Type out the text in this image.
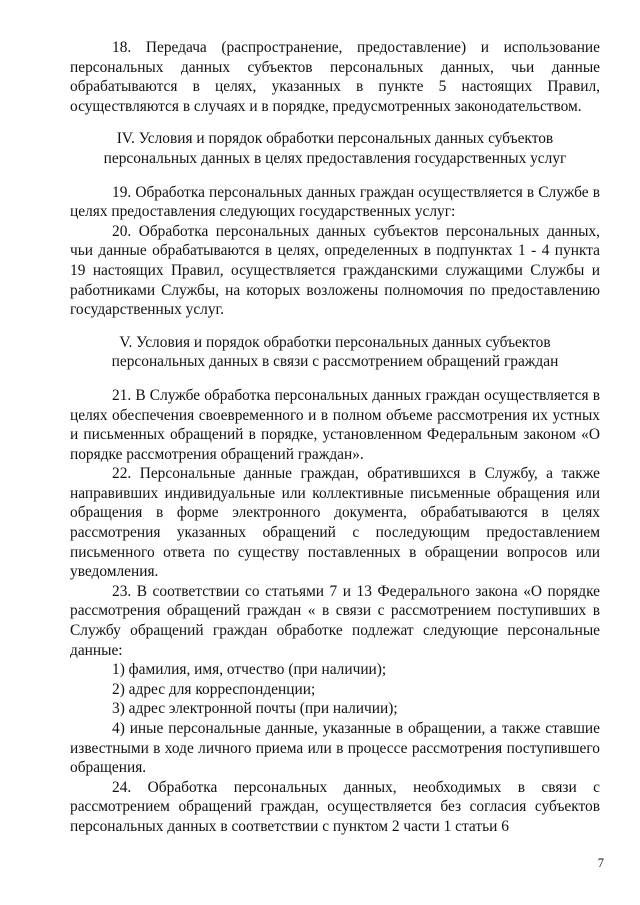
18. Передача (распространение, предоставление) и использование персональных данных субъектов персональных данных, чьи данные обрабатываются в целях, указанных в пункте 5 настоящих Правил, осуществляются в случаях и в порядке, предусмотренных законодательством.

IV. Условия и порядок обработки персональных данных субъектов персональных данных в целях предоставления государственных услуг

19. Обработка персональных данных граждан осуществляется в Службе в целях предоставления следующих государственных услуг:

20. Обработка персональных данных субъектов персональных данных, чьи данные обрабатываются в целях, определенных в подпунктах 1 - 4 пункта 19 настоящих Правил, осуществляется гражданскими служащими Службы и работниками Службы, на которых возложены полномочия по предоставлению государственных услуг.

V. Условия и порядок обработки персональных данных субъектов персональных данных в связи с рассмотрением обращений граждан

21. В Службе обработка персональных данных граждан осуществляется в целях обеспечения своевременного и в полном объеме рассмотрения их устных и письменных обращений в порядке, установленном Федеральным законом «О порядке рассмотрения обращений граждан».

22. Персональные данные граждан, обратившихся в Службу, а также направивших индивидуальные или коллективные письменные обращения или обращения в форме электронного документа, обрабатываются в целях рассмотрения указанных обращений с последующим предоставлением письменного ответа по существу поставленных в обращении вопросов или уведомления.

23. В соответствии со статьями 7 и 13 Федерального закона «О порядке рассмотрения обращений граждан « в связи с рассмотрением поступивших в Службу обращений граждан обработке подлежат следующие персональные данные:

1) фамилия, имя, отчество (при наличии);

2) адрес для корреспонденции;

3) адрес электронной почты (при наличии);

4) иные персональные данные, указанные в обращении, а также ставшие известными в ходе личного приема или в процессе рассмотрения поступившего обращения.

24. Обработка персональных данных, необходимых в связи с рассмотрением обращений граждан, осуществляется без согласия субъектов персональных данных в соответствии с пунктом 2 части 1 статьи 6

7
